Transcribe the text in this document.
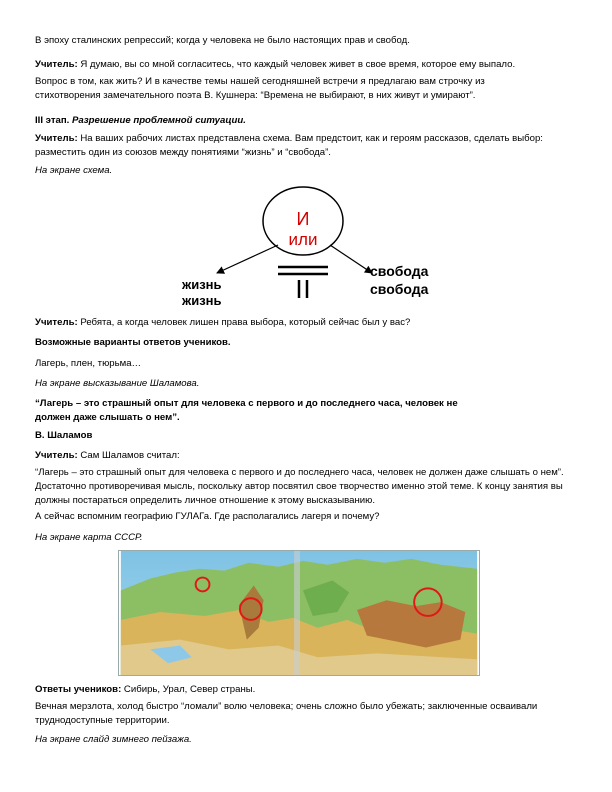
В эпоху сталинских репрессий; когда у человека не было настоящих прав и свобод.

Учитель: Я думаю, вы со мной согласитесь, что каждый человек живет в свое время, которое ему выпало.

Вопрос в том, как жить? И в качестве темы нашей сегодняшней встречи я предлагаю вам строчку из стихотворения замечательного поэта В. Кушнера: “Времена не выбирают, в них живут и умирают”.

III этап. Разрешение проблемной ситуации.

Учитель: На ваших рабочих листах представлена схема. Вам предстоит, как и героям рассказов, сделать выбор: разместить один из союзов между понятиями “жизнь” и “свобода”.

На экране схема.

И
или
жизнь
жизнь
свобода
свобода

Учитель: Ребята, а когда человек лишен права выбора, который сейчас был у вас?

Возможные варианты ответов учеников.

Лагерь, плен, тюрьма…

На экране высказывание Шаламова.

“Лагерь – это страшный опыт для человека с первого и до последнего часа, человек не должен даже слышать о нем”.

В. Шаламов

Учитель: Сам Шаламов считал:

“Лагерь – это страшный опыт для человека с первого и до последнего часа, человек не должен даже слышать о нем”. Достаточно противоречивая мысль, поскольку автор посвятил свое творчество именно этой теме. К концу занятия вы должны постараться определить личное отношение к этому высказыванию.

А сейчас вспомним географию ГУЛАГа. Где располагались лагеря и почему?

На экране карта СССР.

Ответы учеников: Сибирь, Урал, Север страны.

Вечная мерзлота, холод быстро “ломали” волю человека; очень сложно было убежать; заключенные осваивали труднодоступные территории.

На экране слайд зимнего пейзажа.
